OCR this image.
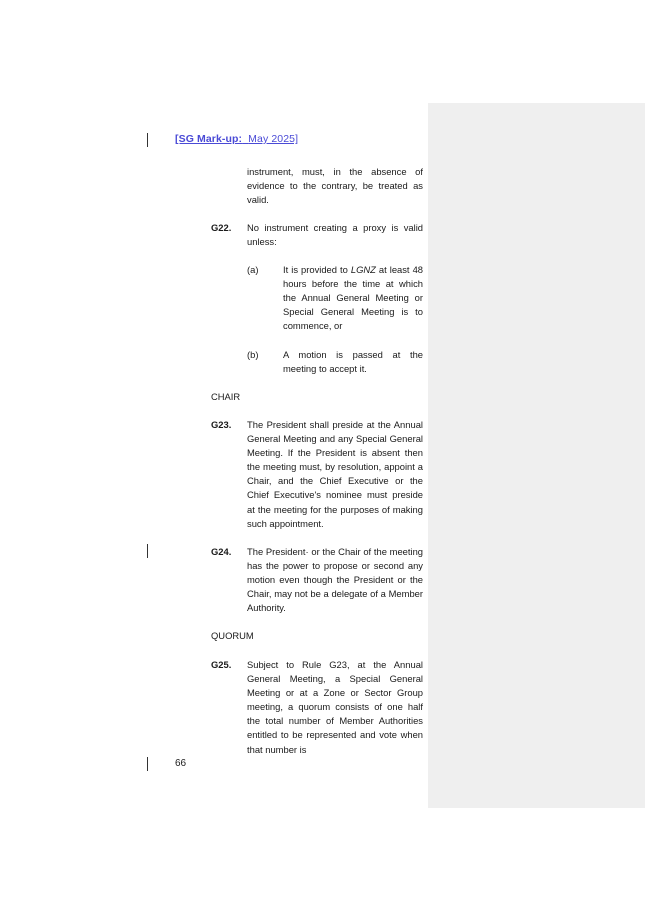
[SG Mark-up: May 2025]
instrument, must, in the absence of evidence to the contrary, be treated as valid.
G22. No instrument creating a proxy is valid unless:
(a)	It is provided to LGNZ at least 48 hours before the time at which the Annual General Meeting or Special General Meeting is to commence, or
(b)	A motion is passed at the meeting to accept it.
CHAIR
G23. The President shall preside at the Annual General Meeting and any Special General Meeting. If the President is absent then the meeting must, by resolution, appoint a Chair, and the Chief Executive or the Chief Executive's nominee must preside at the meeting for the purposes of making such appointment.
G24. The President· or the Chair of the meeting has the power to propose or second any motion even though the President or the Chair, may not be a delegate of a Member Authority.
QUORUM
G25. Subject to Rule G23, at the Annual General Meeting, a Special General Meeting or at a Zone or Sector Group meeting, a quorum consists of one half the total number of Member Authorities entitled to be represented and vote when that number is
66
